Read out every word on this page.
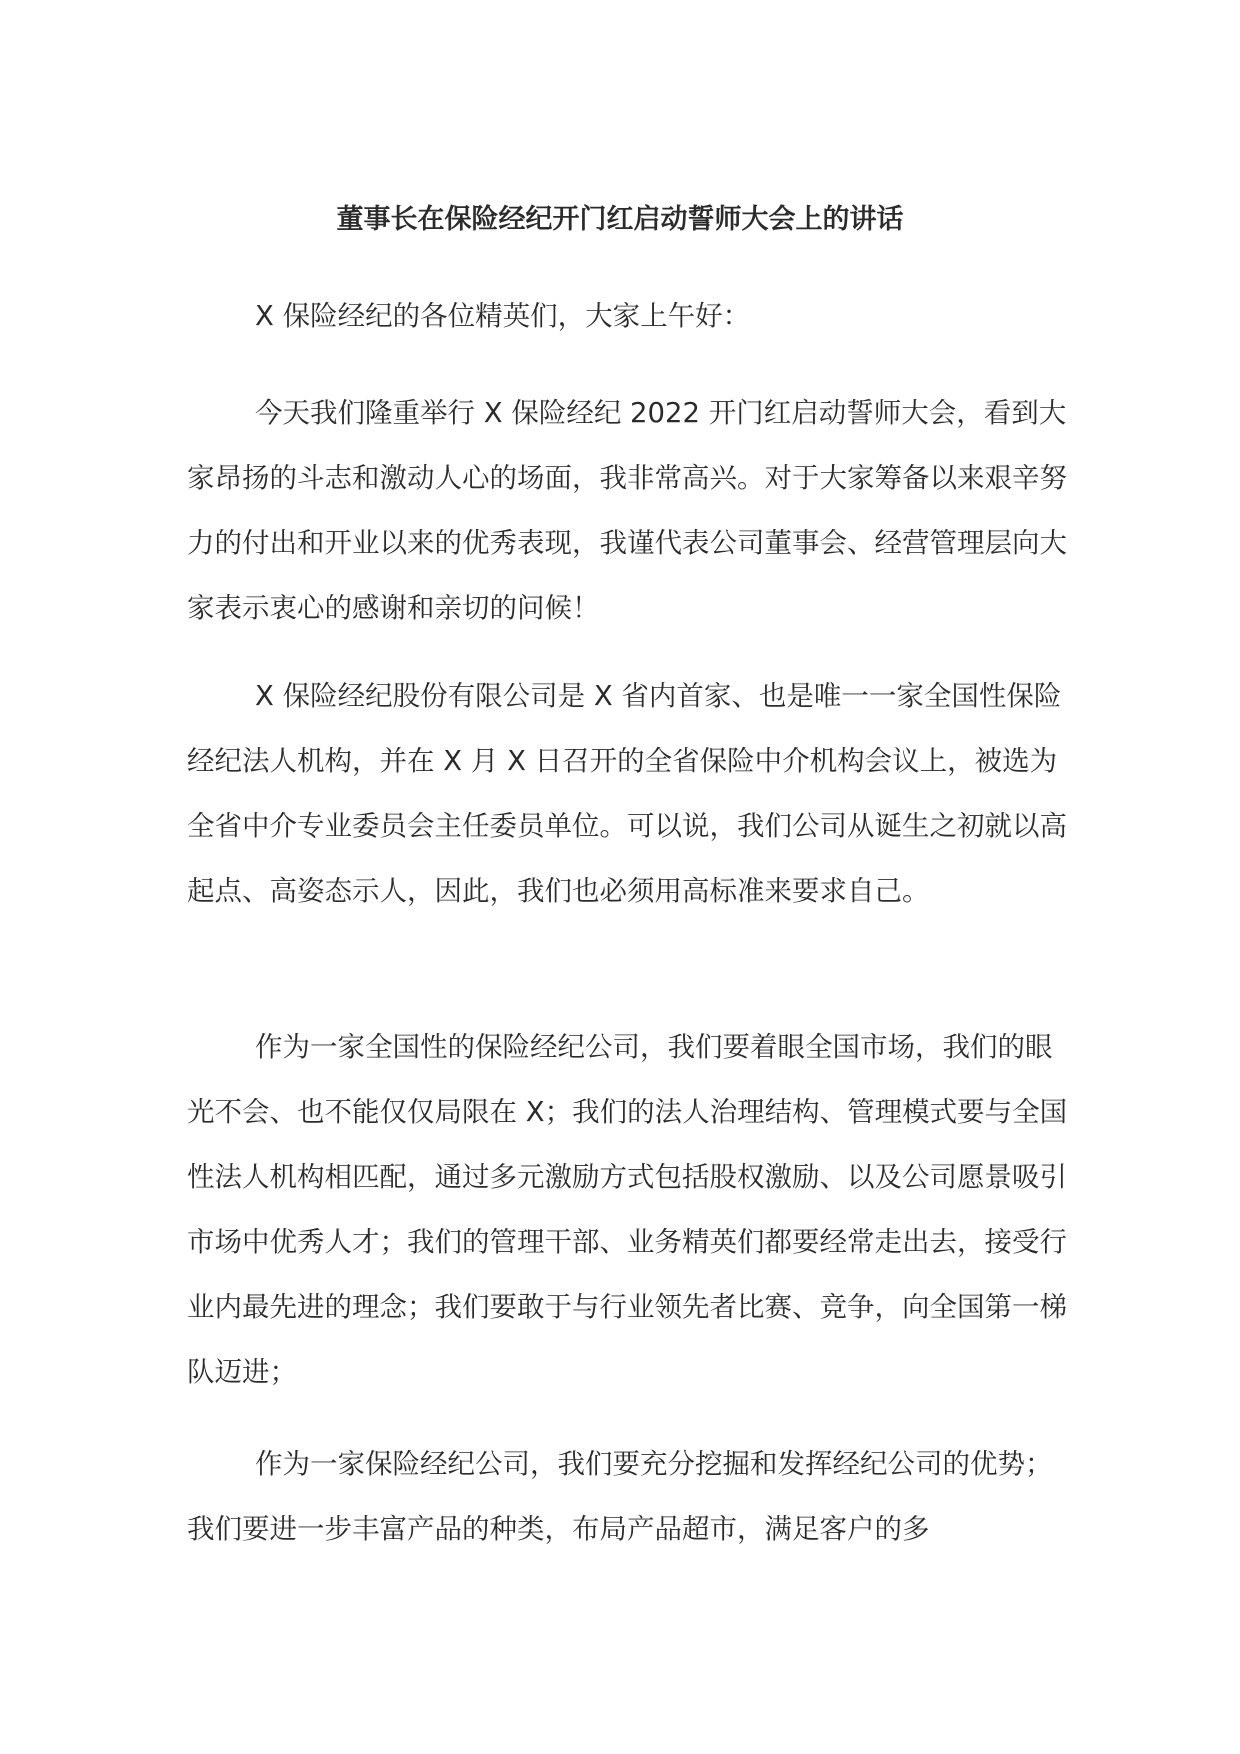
董事长在保险经纪开门红启动誓师大会上的讲话

X 保险经纪的各位精英们，大家上午好：

今天我们隆重举行 X 保险经纪 2022 开门红启动誓师大会，看到大家昂扬的斗志和激动人心的场面，我非常高兴。对于大家筹备以来艰辛努力的付出和开业以来的优秀表现，我谨代表公司董事会、经营管理层向大家表示衷心的感谢和亲切的问候！

X 保险经纪股份有限公司是 X 省内首家、也是唯一一家全国性保险经纪法人机构，并在 X 月 X 日召开的全省保险中介机构会议上，被选为全省中介专业委员会主任委员单位。可以说，我们公司从诞生之初就以高起点、高姿态示人，因此，我们也必须用高标准来要求自己。

作为一家全国性的保险经纪公司，我们要着眼全国市场，我们的眼光不会、也不能仅仅局限在 X；我们的法人治理结构、管理模式要与全国性法人机构相匹配，通过多元激励方式包括股权激励、以及公司愿景吸引市场中优秀人才；我们的管理干部、业务精英们都要经常走出去，接受行业内最先进的理念；我们要敢于与行业领先者比赛、竞争，向全国第一梯队迈进；

作为一家保险经纪公司，我们要充分挖掘和发挥经纪公司的优势；我们要进一步丰富产品的种类，布局产品超市，满足客户的多
